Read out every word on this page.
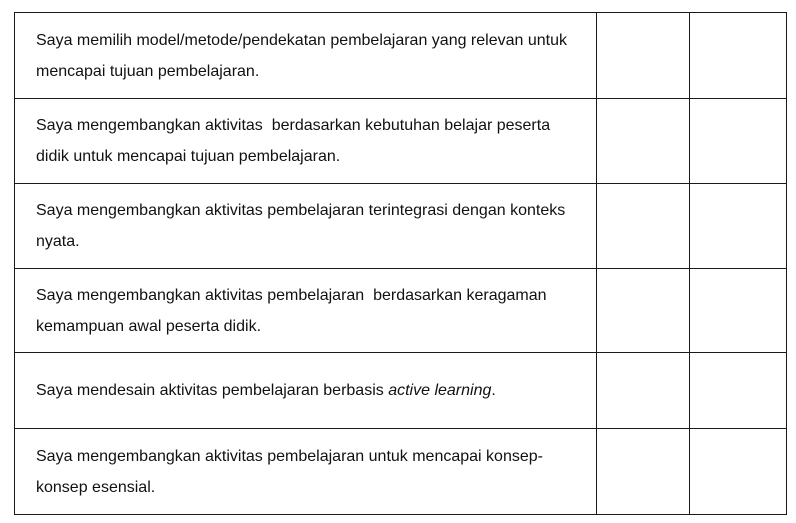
Saya memilih model/metode/pendekatan pembelajaran yang relevan untuk mencapai tujuan pembelajaran.		
Saya mengembangkan aktivitas  berdasarkan kebutuhan belajar peserta didik untuk mencapai tujuan pembelajaran.		
Saya mengembangkan aktivitas pembelajaran terintegrasi dengan konteks nyata.		
Saya mengembangkan aktivitas pembelajaran  berdasarkan keragaman kemampuan awal peserta didik.		
Saya mendesain aktivitas pembelajaran berbasis active learning.		
Saya mengembangkan aktivitas pembelajaran untuk mencapai konsep-konsep esensial.		
